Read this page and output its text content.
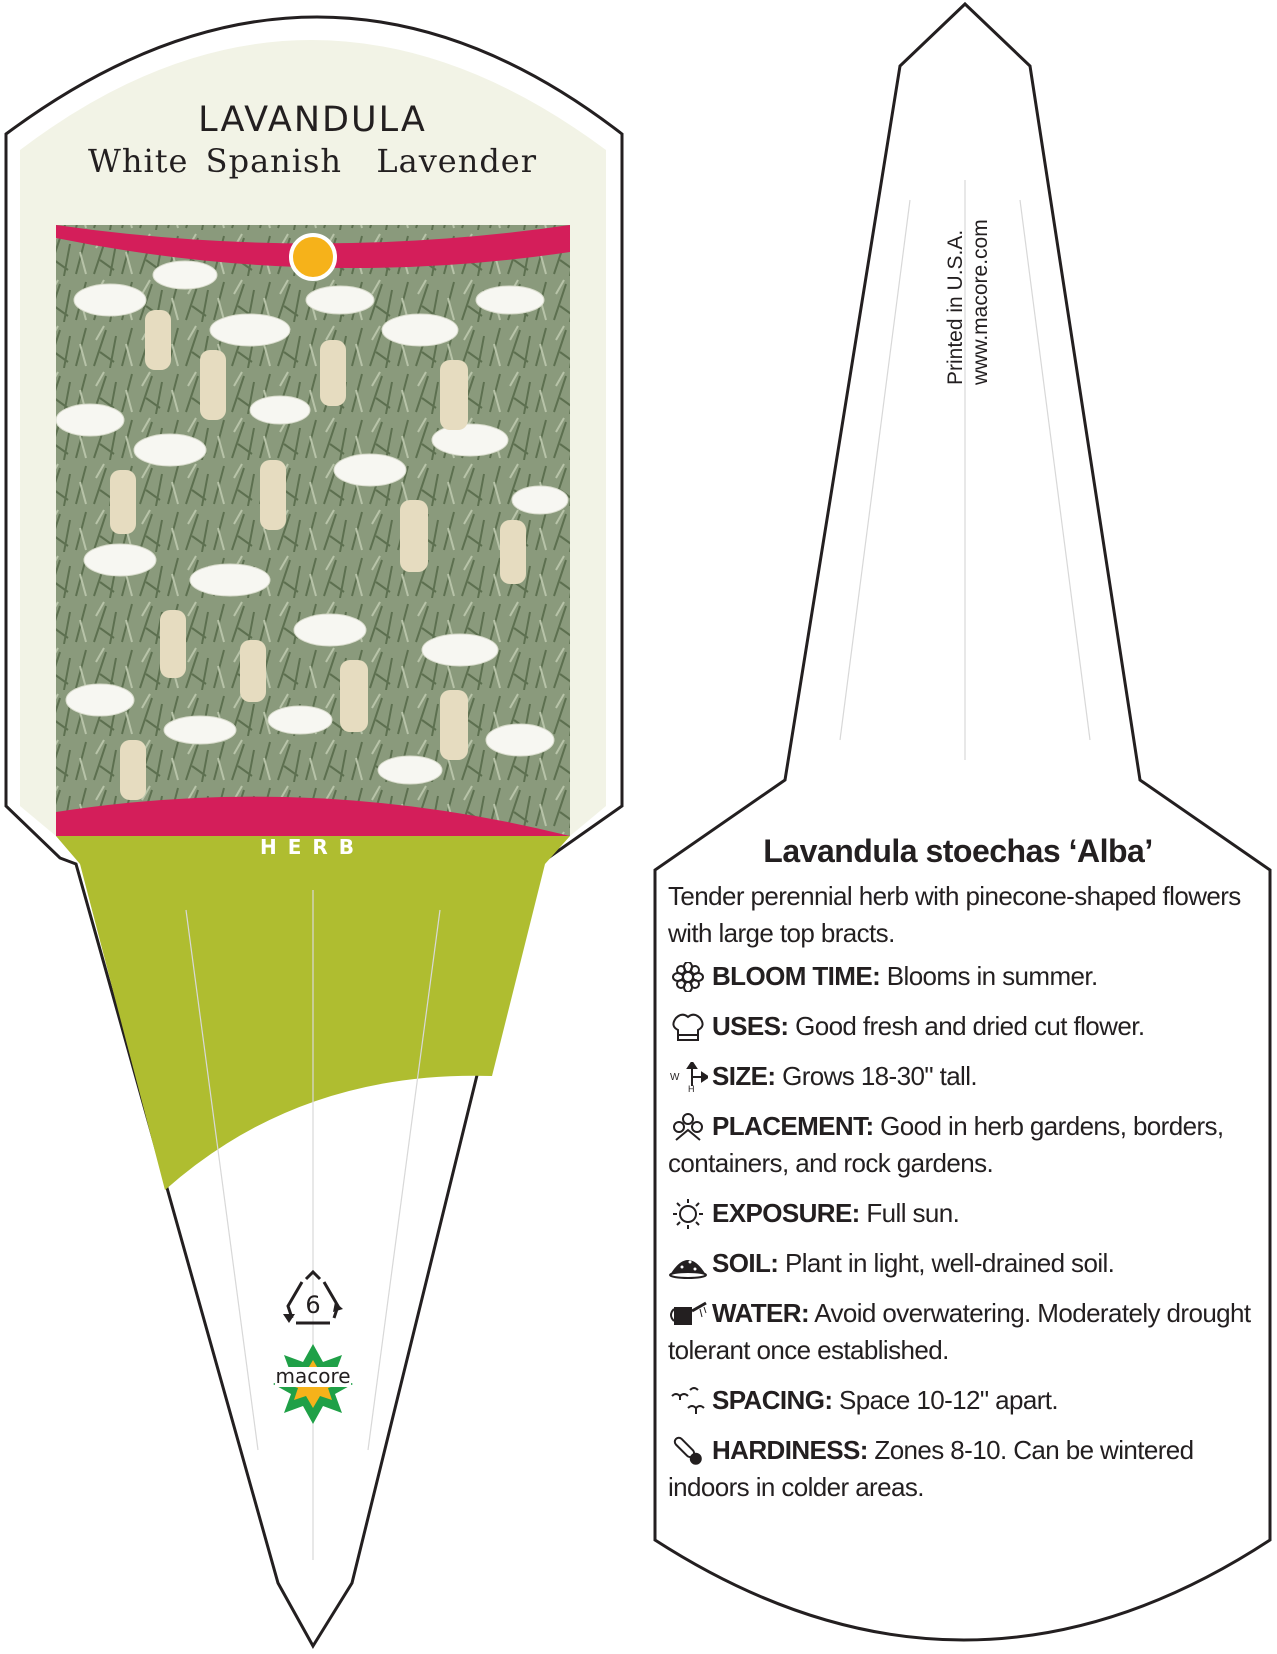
LAVANDULA
White Spanish  Lavender
HERB
6
macore
Printed in U.S.A. www.macore.com
Lavandula stoechas ‘Alba’
Tender perennial herb with pinecone-shaped flowers with large top bracts.
BLOOM TIME: Blooms in summer.
USES: Good fresh and dried cut flower.
W
H SIZE: Grows 18-30" tall.
PLACEMENT: Good in herb gardens, borders, containers, and rock gardens.
EXPOSURE: Full sun.
SOIL: Plant in light, well-drained soil.
WATER: Avoid overwatering. Moderately drought tolerant once established.
SPACING: Space 10-12" apart.
HARDINESS: Zones 8-10. Can be wintered indoors in colder areas.
